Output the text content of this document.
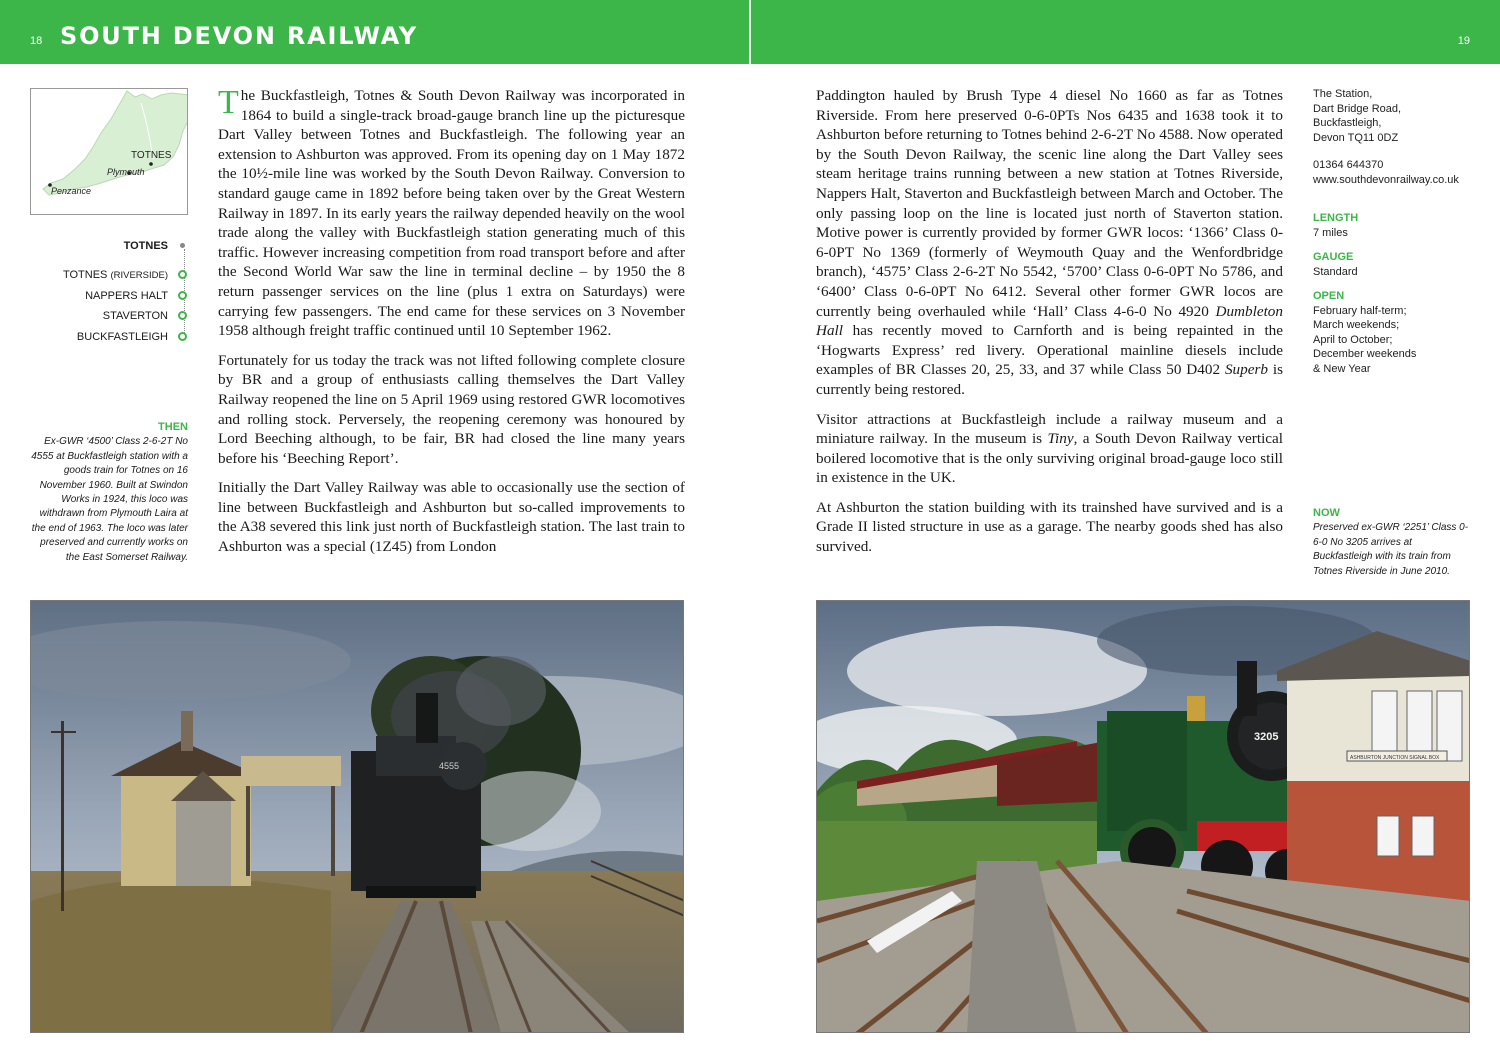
18 SOUTH DEVON RAILWAY	19
TOTNES
Plymouth
Penzance
TOTNES
TOTNES (RIVERSIDE)
NAPPERS HALT
STAVERTON
BUCKFASTLEIGH
THEN
Ex-GWR ‘4500’ Class 2-6-2T No 4555 at Buckfastleigh station with a goods train for Totnes on 16 November 1960. Built at Swindon Works in 1924, this loco was withdrawn from Plymouth Laira at the end of 1963. The loco was later preserved and currently works on the East Somerset Railway.

The Buckfastleigh, Totnes & South Devon Railway was incorporated in 1864 to build a single-track broad-gauge branch line up the picturesque Dart Valley between Totnes and Buckfastleigh. The following year an extension to Ashburton was approved. From its opening day on 1 May 1872 the 10½-mile line was worked by the South Devon Railway. Conversion to standard gauge came in 1892 before being taken over by the Great Western Railway in 1897. In its early years the railway depended heavily on the wool trade along the valley with Buckfastleigh station generating much of this traffic. However increasing competition from road transport before and after the Second World War saw the line in terminal decline – by 1950 the 8 return passenger services on the line (plus 1 extra on Saturdays) were carrying few passengers. The end came for these services on 3 November 1958 although freight traffic continued until 10 September 1962.

Fortunately for us today the track was not lifted following complete closure by BR and a group of enthusiasts calling themselves the Dart Valley Railway reopened the line on 5 April 1969 using restored GWR locomotives and rolling stock. Perversely, the reopening ceremony was honoured by Lord Beeching although, to be fair, BR had closed the line many years before his ‘Beeching Report’.

Initially the Dart Valley Railway was able to occasionally use the section of line between Buckfastleigh and Ashburton but so-called improvements to the A38 severed this link just north of Buckfastleigh station. The last train to Ashburton was a special (1Z45) from London

Paddington hauled by Brush Type 4 diesel No 1660 as far as Totnes Riverside. From here preserved 0-6-0PTs Nos 6435 and 1638 took it to Ashburton before returning to Totnes behind 2-6-2T No 4588. Now operated by the South Devon Railway, the scenic line along the Dart Valley sees steam heritage trains running between a new station at Totnes Riverside, Nappers Halt, Staverton and Buckfastleigh between March and October. The only passing loop on the line is located just north of Staverton station. Motive power is currently provided by former GWR locos: ‘1366’ Class 0-6-0PT No 1369 (formerly of Weymouth Quay and the Wenfordbridge branch), ‘4575’ Class 2-6-2T No 5542, ‘5700’ Class 0-6-0PT No 5786, and ‘6400’ Class 0-6-0PT No 6412. Several other former GWR locos are currently being overhauled while ‘Hall’ Class 4-6-0 No 4920 Dumbleton Hall has recently moved to Carnforth and is being repainted in the ‘Hogwarts Express’ red livery. Operational mainline diesels include examples of BR Classes 20, 25, 33, and 37 while Class 50 D402 Superb is currently being restored.

Visitor attractions at Buckfastleigh include a railway museum and a miniature railway. In the museum is Tiny, a South Devon Railway vertical boilered locomotive that is the only surviving original broad-gauge loco still in existence in the UK.

At Ashburton the station building with its trainshed have survived and is a Grade II listed structure in use as a garage. The nearby goods shed has also survived.

The Station,
Dart Bridge Road,
Buckfastleigh,
Devon TQ11 0DZ
01364 644370
www.southdevonrailway.co.uk
LENGTH
7 miles
GAUGE
Standard
OPEN
February half-term;
March weekends;
April to October;
December weekends
& New Year
NOW
Preserved ex-GWR ‘2251’ Class 0-6-0 No 3205 arrives at Buckfastleigh with its train from Totnes Riverside in June 2010.
4555
3205
ASHBURTON JUNCTION SIGNAL BOX
